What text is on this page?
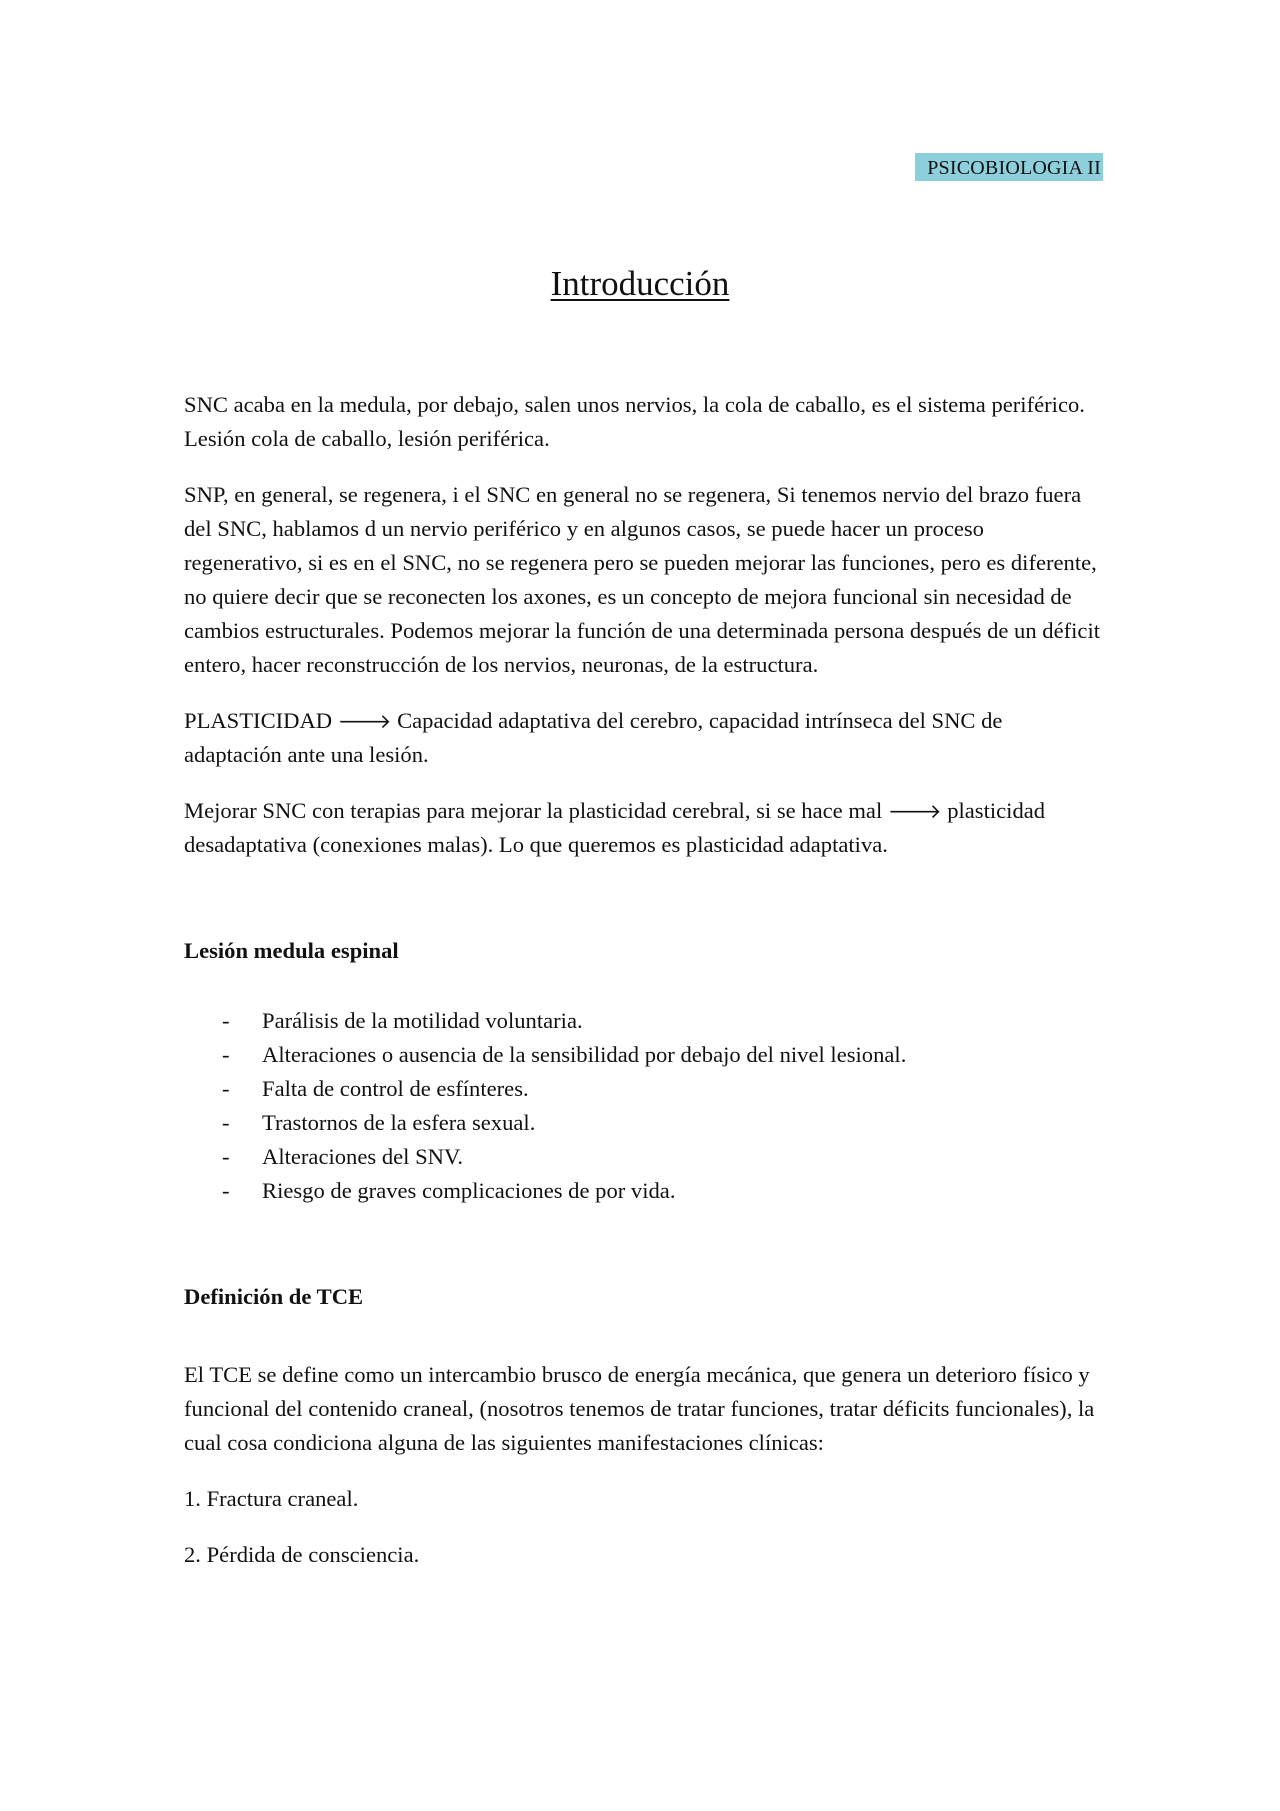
PSICOBIOLOGIA II
Introducción

SNC acaba en la medula, por debajo, salen unos nervios, la cola de caballo, es el sistema periférico. Lesión cola de caballo, lesión periférica.

SNP, en general, se regenera, i el SNC en general no se regenera, Si tenemos nervio del brazo fuera del SNC, hablamos d un nervio periférico y en algunos casos, se puede hacer un proceso regenerativo, si es en el SNC, no se regenera pero se pueden mejorar las funciones, pero es diferente, no quiere decir que se reconecten los axones, es un concepto de mejora funcional sin necesidad de cambios estructurales. Podemos mejorar la función de una determinada persona después de un déficit entero, hacer reconstrucción de los nervios, neuronas, de la estructura.

PLASTICIDAD 🡒 Capacidad adaptativa del cerebro, capacidad intrínseca del SNC de adaptación ante una lesión.

Mejorar SNC con terapias para mejorar la plasticidad cerebral, si se hace mal 🡒 plasticidad desadaptativa (conexiones malas). Lo que queremos es plasticidad adaptativa.

Lesión medula espinal

- Parálisis de la motilidad voluntaria.
- Alteraciones o ausencia de la sensibilidad por debajo del nivel lesional.
- Falta de control de esfínteres.
- Trastornos de la esfera sexual.
- Alteraciones del SNV.
- Riesgo de graves complicaciones de por vida.

Definición de TCE

El TCE se define como un intercambio brusco de energía mecánica, que genera un deterioro físico y funcional del contenido craneal, (nosotros tenemos de tratar funciones, tratar déficits funcionales), la cual cosa condiciona alguna de las siguientes manifestaciones clínicas:

1. Fractura craneal.

2. Pérdida de consciencia.
